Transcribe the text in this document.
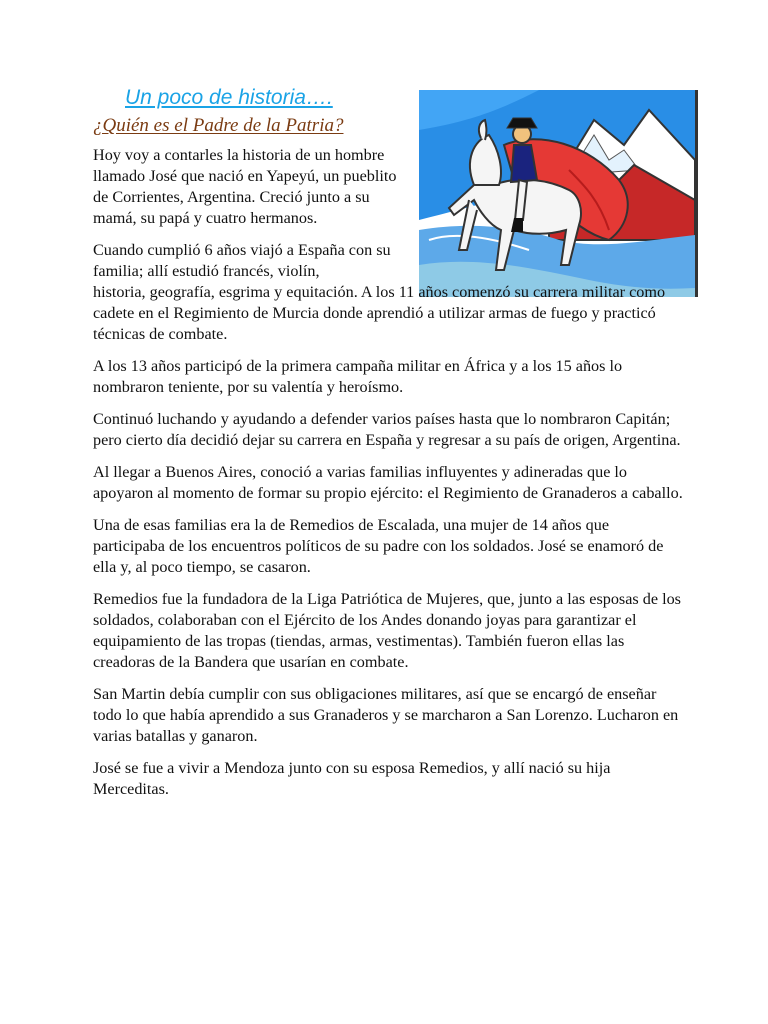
Un poco de historia….
¿Quién es el Padre de la Patria?

Hoy voy a contarles la historia de un hombre llamado José que nació en Yapeyú, un pueblito de Corrientes, Argentina. Creció junto a su mamá, su papá y cuatro hermanos.

Cuando cumplió 6 años viajó a España con su familia; allí estudió francés, violín,
historia, geografía, esgrima y equitación. A los 11 años comenzó su carrera militar como cadete en el Regimiento de Murcia donde aprendió a utilizar armas de fuego y practicó técnicas de combate.

A los 13 años participó de la primera campaña militar en África y a los 15 años lo nombraron teniente, por su valentía y heroísmo.

Continuó luchando y ayudando a defender varios países hasta que lo nombraron Capitán; pero cierto día decidió dejar su carrera en España y regresar a su país de origen, Argentina.

Al llegar a Buenos Aires, conoció a varias familias influyentes y adineradas que lo apoyaron al momento de formar su propio ejército: el Regimiento de Granaderos a caballo.

Una de esas familias era la de Remedios de Escalada, una mujer de 14 años que participaba de los encuentros políticos de su padre con los soldados. José se enamoró de ella y, al poco tiempo, se casaron.

Remedios fue la fundadora de la Liga Patriótica de Mujeres, que, junto a las esposas de los soldados, colaboraban con el Ejército de los Andes donando joyas para garantizar el equipamiento de las tropas (tiendas, armas, vestimentas). También fueron ellas las creadoras de la Bandera que usarían en combate.

San Martin debía cumplir con sus obligaciones militares, así que se encargó de enseñar todo lo que había aprendido a sus Granaderos y se marcharon a San Lorenzo. Lucharon en varias batallas y ganaron.

José se fue a vivir a Mendoza junto con su esposa Remedios, y allí nació su hija Merceditas.
